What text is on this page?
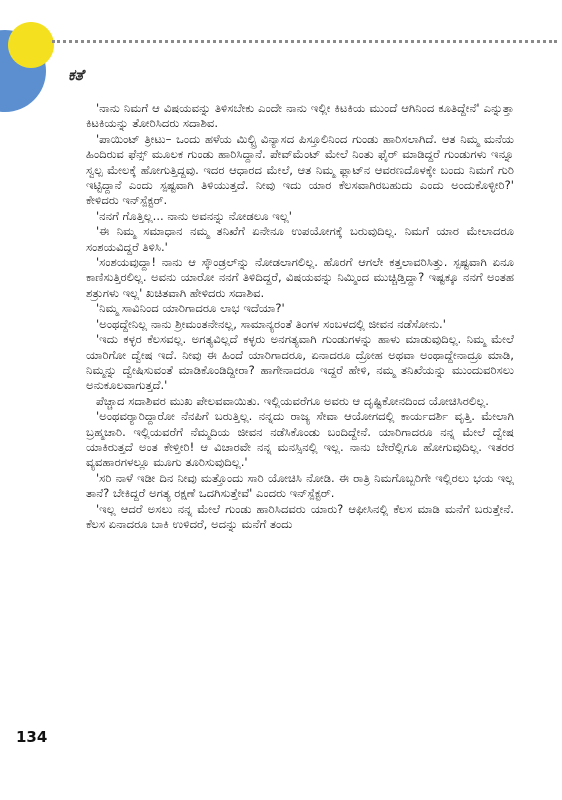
ಕತೆ

'ನಾನು ನಿಮಗೆ ಆ ವಿಷಯವನ್ನು ತಿಳಿಸಬೇಕು ಎಂದೇ ನಾನು ಇಲ್ಲೀ ಕಿಟಕಿಯ ಮುಂದೆ ಆಗಿನಿಂದ ಕೂತಿದ್ದೇನೆ' ಎನ್ನುತ್ತಾ ಕಿಟಕಿಯನ್ನು ತೋರಿಸಿದರು ಸದಾಶಿವ.

'ಪಾಯಿಂಟ್ ತ್ರೀಟು– ಒಂದು ಹಳೆಯ ಮಿಲ್ಟ್ರಿ ವಿನ್ಯಾಸದ ಪಿಸ್ತೂಲಿನಿಂದ ಗುಂಡು ಹಾರಿಸಲಾಗಿದೆ. ಆತ ನಿಮ್ಮ ಮನೆಯ ಹಿಂದಿರುವ ಫೆನ್ಸ್ ಮೂಲಕ ಗುಂಡು ಹಾರಿಸಿದ್ದಾನೆ. ಪೇವ್‌ಮೆಂಟ್ ಮೇಲೆ ನಿಂತು ಫೈರ್ ಮಾಡಿದ್ದರೆ ಗುಂಡುಗಳು ಇನ್ನೂ ಸ್ವಲ್ಪ ಮೇಲಕ್ಕೆ ಹೋಗುತ್ತಿದ್ದವು. ಇದರ ಆಧಾರದ ಮೇಲೆ, ಆತ ನಿಮ್ಮ ಫ್ಲಾಟ್‌ನ ಆವರಣದೊಳಕ್ಕೇ ಬಂದು ನಿಮಗೆ ಗುರಿ ಇಟ್ಟಿದ್ದಾನೆ ಎಂದು ಸ್ಪಷ್ಟವಾಗಿ ತಿಳಿಯುತ್ತದೆ. ನೀವು ಇದು ಯಾರ ಕೆಲಸವಾಗಿರಬಹುದು ಎಂದು ಅಂದುಕೊಳ್ಳೀರಿ?' ಕೇಳಿದರು ಇನ್‌ಸ್ಪೆಕ್ಟರ್.

'ನನಗೆ ಗೊತ್ತಿಲ್ಲ... ನಾನು ಅವನನ್ನು ನೋಡಲೂ ಇಲ್ಲ'

'ಈ ನಿಮ್ಮ ಸಮಾಧಾನ ನಮ್ಮ ತನಿಖೆಗೆ ಏನೇನೂ ಉಪಯೋಗಕ್ಕೆ ಬರುವುದಿಲ್ಲ. ನಿಮಗೆ ಯಾರ ಮೇಲಾದರೂ ಸಂಶಯವಿದ್ದರೆ ತಿಳಿಸಿ.'

'ಸಂಶಯವುದ್ದಾ! ನಾನು ಆ ಸ್ಕೌಂಡ್ರಲ್‌ನ್ನು ನೋಡಲಾಗಲಿಲ್ಲ. ಹೊರಗೆ ಆಗಲೇ ಕತ್ತಲಾವರಿಸಿತ್ತು. ಸ್ಪಷ್ಟವಾಗಿ ಏನೂ ಕಾಣಿಸುತ್ತಿರಲಿಲ್ಲ. ಅವನು ಯಾರೋ ನನಗೆ ತಿಳಿದಿದ್ದರೆ, ವಿಷಯವನ್ನು ನಿಮ್ಮಿಂದ ಮುಚ್ಚಿಡ್ತಿದ್ದಾ? ಇಷ್ಟಕ್ಕೂ ನನಗೆ ಅಂತಹ ಶತ್ರುಗಳು ಇಲ್ಲ' ಖಚಿತವಾಗಿ ಹೇಳಿದರು ಸದಾಶಿವ.

'ನಿಮ್ಮ ಸಾವಿನಿಂದ ಯಾರಿಗಾದರೂ ಲಾಭ ಇದೆಯಾ?'

'ಅಂಥದ್ದೇನಿಲ್ಲ ನಾನು ಶ್ರೀಮಂತನೇನಲ್ಲ, ಸಾಮಾನ್ಯರಂತೆ ತಿಂಗಳ ಸಂಬಳದಲ್ಲಿ ಜೀವನ ನಡೆಸೋನು.'

'ಇದು ಕಳ್ಳರ ಕೆಲಸವಲ್ಲ. ಅಗತ್ಯವಿಲ್ಲದೆ ಕಳ್ಳರು ಅನಗತ್ಯವಾಗಿ ಗುಂಡುಗಳನ್ನು ಹಾಳು ಮಾಡುವುದಿಲ್ಲ. ನಿಮ್ಮ ಮೇಲೆ ಯಾರಿಗೋ ದ್ವೇಷ ಇದೆ. ನೀವು ಈ ಹಿಂದೆ ಯಾರಿಗಾದರೂ, ಏನಾದರೂ ದ್ರೋಹ ಅಥವಾ ಅಂಥಾದ್ದೇನಾದ್ರೂ ಮಾಡಿ, ನಿಮ್ಮನ್ನು ದ್ವೇಷಿಸುವಂತೆ ಮಾಡಿಕೊಂಡಿದ್ದೀರಾ? ಹಾಗೇನಾದರೂ ಇದ್ದರೆ ಹೇಳಿ, ನಮ್ಮ ತನಿಖೆಯನ್ನು ಮುಂದುವರಿಸಲು ಅನುಕೂಲವಾಗುತ್ತದೆ.'

ಪೆಚ್ಚಾದ ಸದಾಶಿವರ ಮುಖ ಪೇಲವವಾಯಿತು. ಇಲ್ಲಿಯವರೆಗೂ ಅವರು ಆ ದೃಷ್ಟಿಕೋನದಿಂದ ಯೋಚಿಸಿರಲಿಲ್ಲ.

'ಅಂಥವರ್‍ಯಾರಿದ್ದಾರೋ ನೆನಪಿಗೆ ಬರುತ್ತಿಲ್ಲ. ನನ್ನದು ರಾಜ್ಯ ಸೇವಾ ಆಯೋಗದಲ್ಲಿ ಕಾರ್ಯದರ್ಶಿ ವೃತ್ತಿ. ಮೇಲಾಗಿ ಬ್ರಹ್ಮಚಾರಿ. ಇಲ್ಲಿಯವರೆಗೆ ನೆಮ್ಮದಿಯ ಜೀವನ ನಡೆಸಿಕೊಂಡು ಬಂದಿದ್ದೇನೆ. ಯಾರಿಗಾದರೂ ನನ್ನ ಮೇಲೆ ದ್ವೇಷ ಯಾಕಿರುತ್ತದೆ ಅಂತ ಕೇಳ್ತೀರಿ! ಆ ವಿಚಾರವೇ ನನ್ನ ಮನಸ್ಸಿನಲ್ಲಿ ಇಲ್ಲ. ನಾನು ಬೇರೆಲ್ಲಿಗೂ ಹೋಗುವುದಿಲ್ಲ. ಇತರರ ವ್ಯವಹಾರಗಳಲ್ಲೂ ಮೂಗು ತೂರಿಸುವುದಿಲ್ಲ.'

'ಸರಿ ನಾಳೆ ಇಡೀ ದಿನ ನೀವು ಮತ್ತೊಂದು ಸಾರಿ ಯೋಚಿಸಿ ನೋಡಿ. ಈ ರಾತ್ರಿ ನಿಮಗೊಬ್ಬರಿಗೇ ಇಲ್ಲಿರಲು ಭಯ ಇಲ್ಲ ತಾನೆ? ಬೇಕಿದ್ದರೆ ಅಗತ್ಯ ರಕ್ಷಣೆ ಒದಗಿಸುತ್ತೇವೆ' ಎಂದರು ಇನ್‌ಸ್ಪೆಕ್ಟರ್.

'ಇಲ್ಲ ಆದರೆ ಅಸಲು ನನ್ನ ಮೇಲೆ ಗುಂಡು ಹಾರಿಸಿದವರು ಯಾರು? ಆಫೀಸಿನಲ್ಲಿ ಕೆಲಸ ಮಾಡಿ ಮನೆಗೆ ಬರುತ್ತೇನೆ. ಕೆಲಸ ಏನಾದರೂ ಬಾಕಿ ಉಳಿದರೆ, ಅದನ್ನು ಮನೆಗೆ ತಂದು

134
